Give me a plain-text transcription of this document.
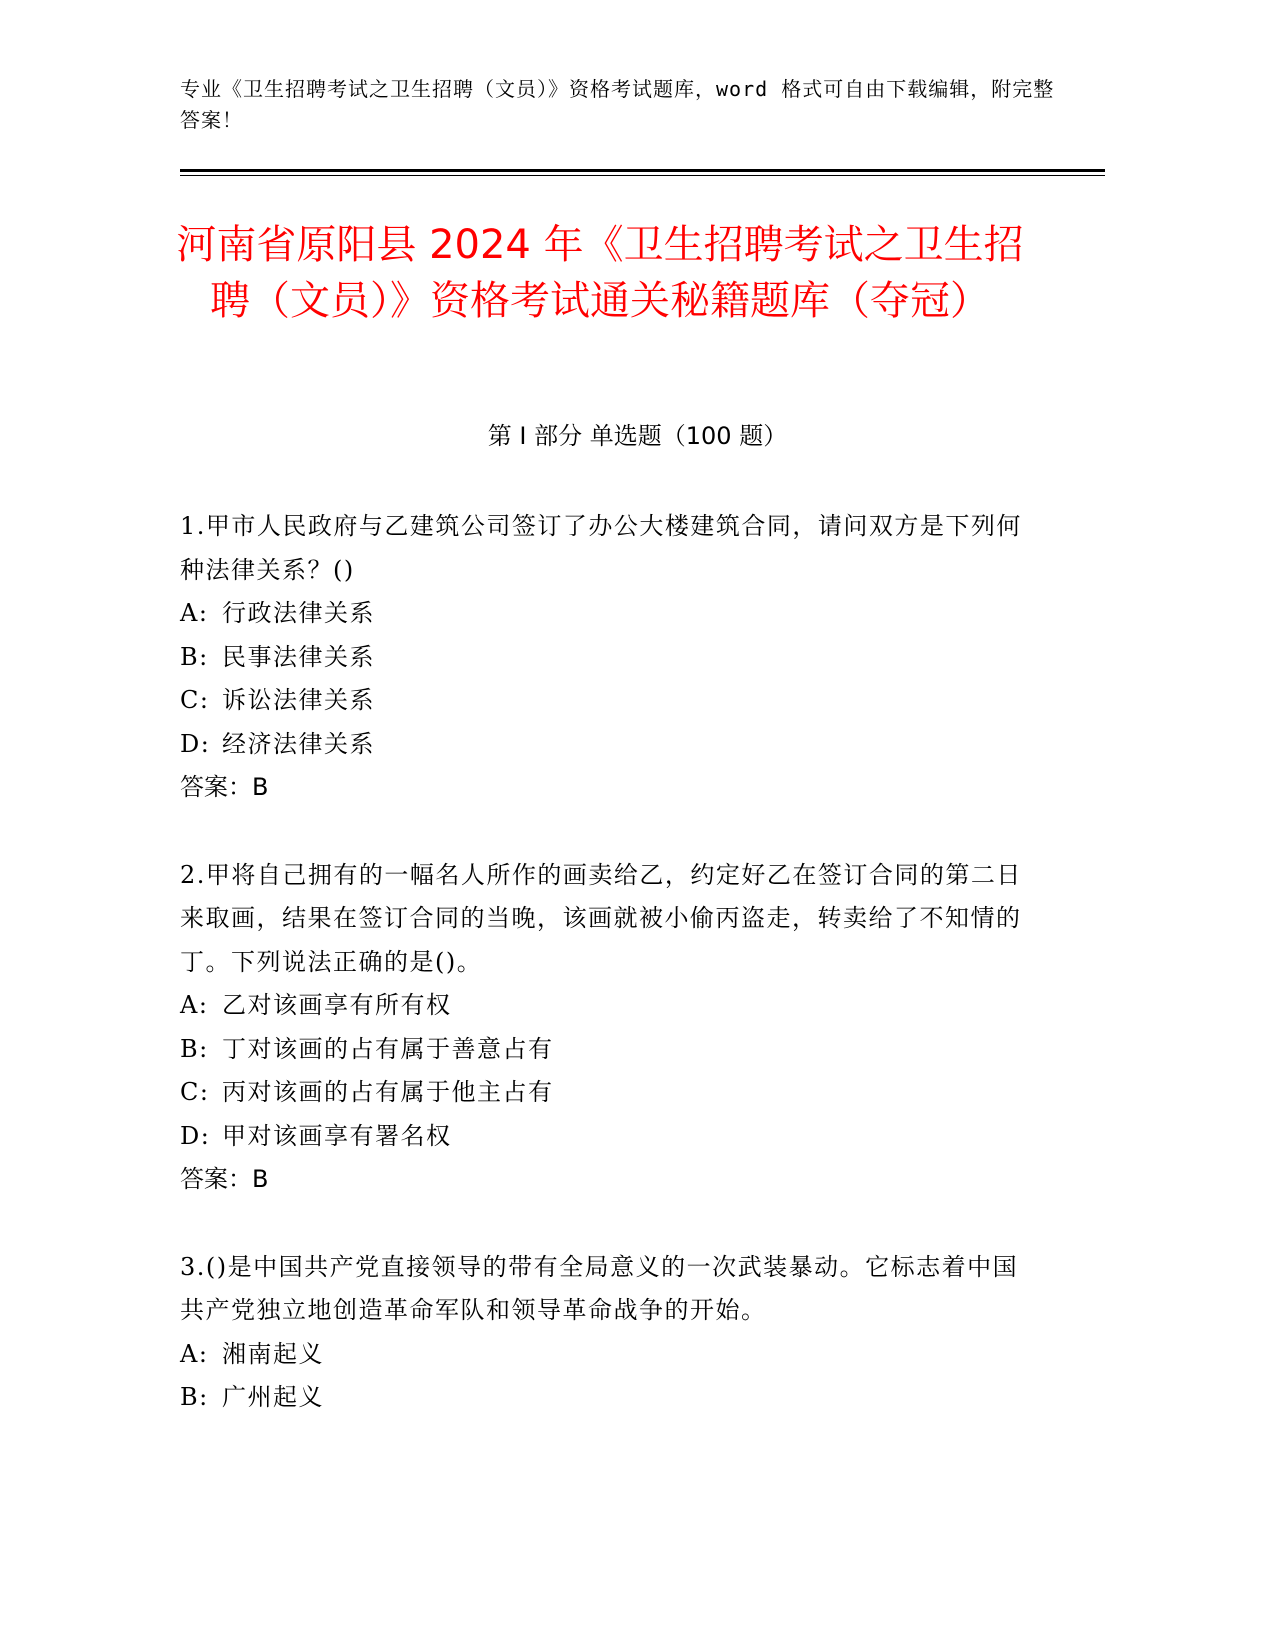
专业《卫生招聘考试之卫生招聘（文员）》资格考试题库，word 格式可自由下载编辑，附完整答案！
河南省原阳县 2024 年《卫生招聘考试之卫生招聘（文员）》资格考试通关秘籍题库（夺冠）
第 I 部分 单选题（100 题）
1.甲市人民政府与乙建筑公司签订了办公大楼建筑合同，请问双方是下列何种法律关系？()
A: 行政法律关系
B: 民事法律关系
C: 诉讼法律关系
D: 经济法律关系
答案：B
2.甲将自己拥有的一幅名人所作的画卖给乙，约定好乙在签订合同的第二日来取画，结果在签订合同的当晚，该画就被小偷丙盗走，转卖给了不知情的丁。下列说法正确的是()。
A: 乙对该画享有所有权
B: 丁对该画的占有属于善意占有
C: 丙对该画的占有属于他主占有
D: 甲对该画享有署名权
答案：B
3.()是中国共产党直接领导的带有全局意义的一次武装暴动。它标志着中国共产党独立地创造革命军队和领导革命战争的开始。
A: 湘南起义
B: 广州起义
